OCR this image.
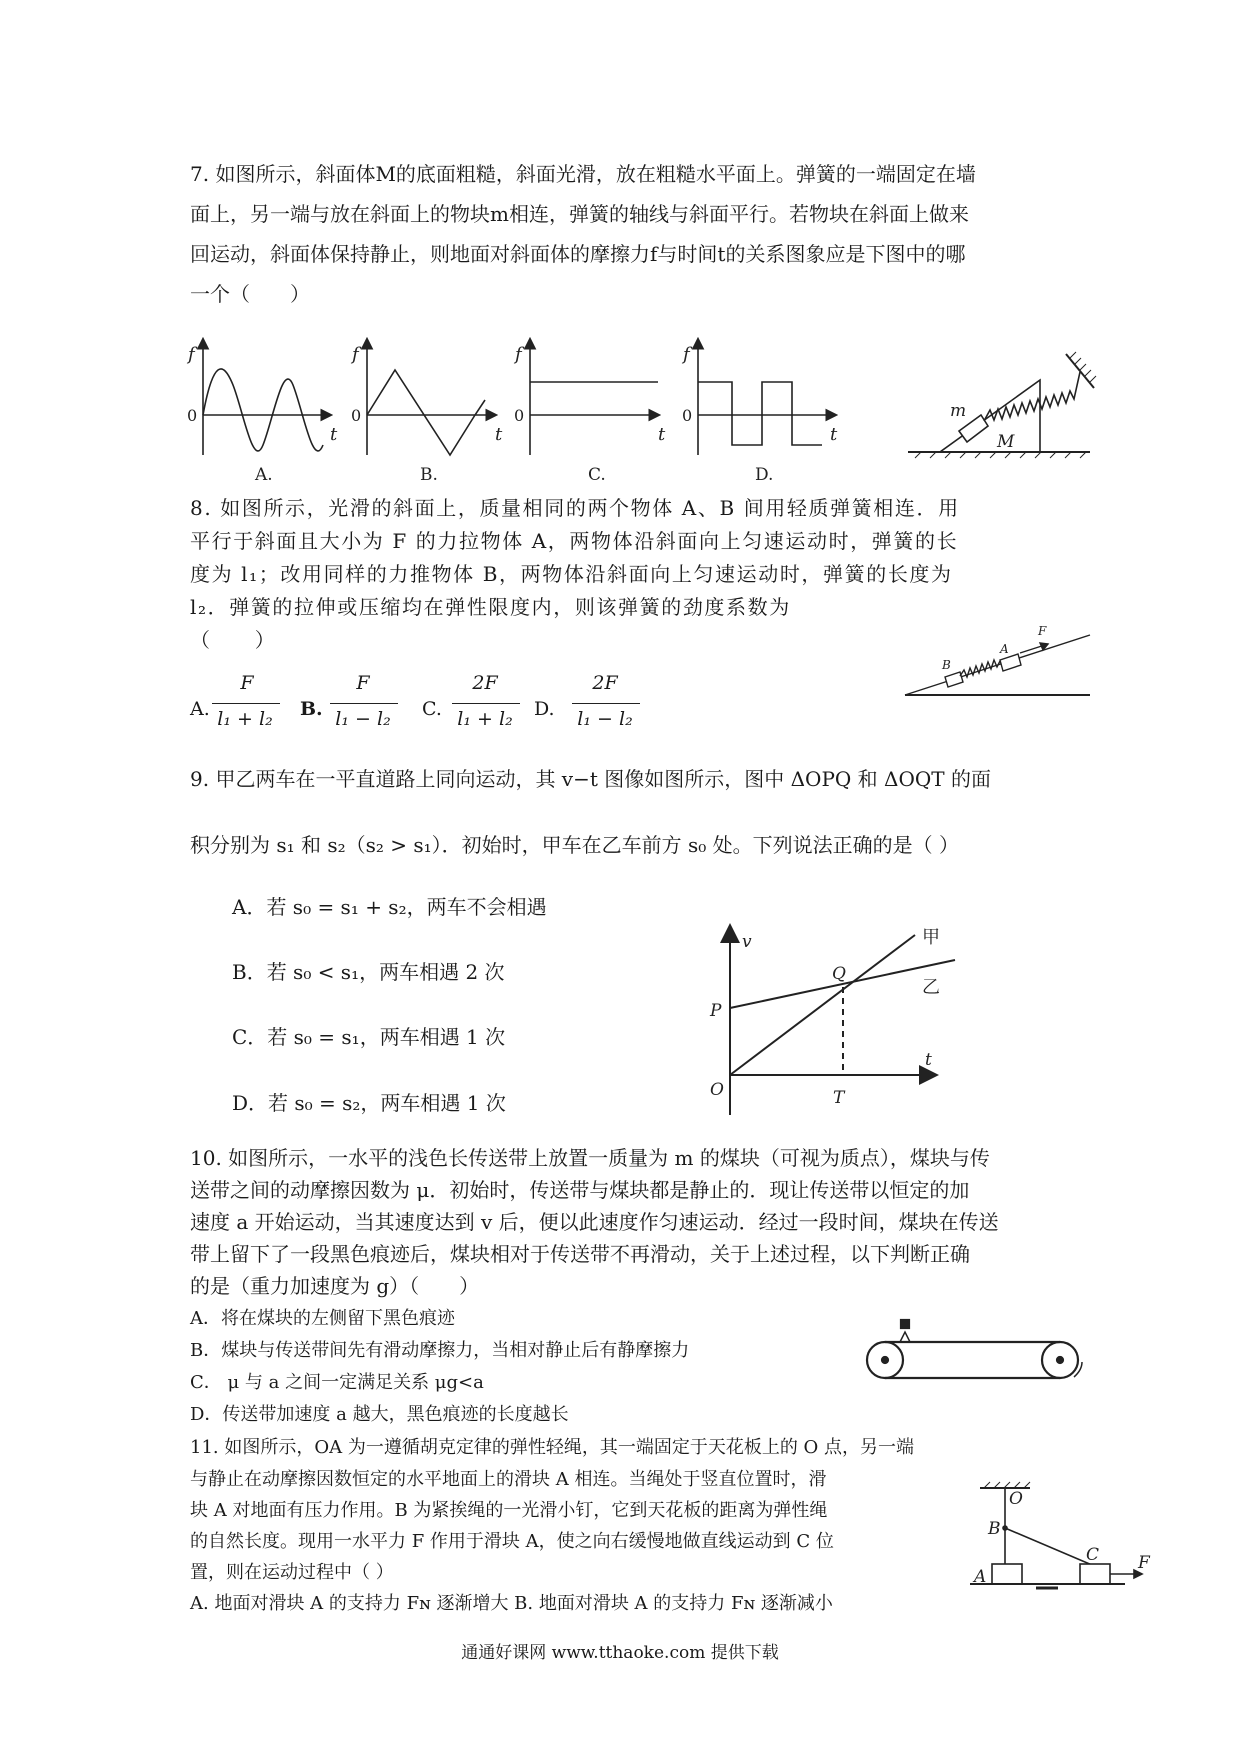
7. 如图所示，斜面体M的底面粗糙，斜面光滑，放在粗糙水平面上。弹簧的一端固定在墙
面上，另一端与放在斜面上的物块m相连，弹簧的轴线与斜面平行。若物块在斜面上做来
回运动，斜面体保持静止，则地面对斜面体的摩擦力f与时间t的关系图象应是下图中的哪
一个（　　）
f
t
f
t
f
t
f
t
0	0	0	0
A.	B.	C.	D.
m
M
8. 如图所示，光滑的斜面上，质量相同的两个物体 A、B 间用轻质弹簧相连．用
平行于斜面且大小为 F 的力拉物体 A，两物体沿斜面向上匀速运动时，弹簧的长
度为 l₁；改用同样的力推物体 B，两物体沿斜面向上匀速运动时，弹簧的长度为
l₂．弹簧的拉伸或压缩均在弹性限度内，则该弹簧的劲度系数为
（　　）
A.
F
l₁ + l₂	B.
F
l₁ − l₂	C.
2F
l₁ + l₂	D.
2F
l₁ − l₂
B
A
F
9. 甲乙两车在一平直道路上同向运动，其 v−t 图像如图所示，图中 ΔOPQ 和 ΔOQT 的面
积分别为 s₁ 和 s₂（s₂ > s₁）．初始时，甲车在乙车前方 s₀ 处。下列说法正确的是（ ）
A．若 s₀ = s₁ + s₂，两车不会相遇
B．若 s₀ < s₁，两车相遇 2 次
C．若 s₀ = s₁，两车相遇 1 次
D．若 s₀ = s₂，两车相遇 1 次
v
t
O
P
Q
T
甲
乙
10. 如图所示，一水平的浅色长传送带上放置一质量为 m 的煤块（可视为质点），煤块与传
送带之间的动摩擦因数为 μ．初始时，传送带与煤块都是静止的．现让传送带以恒定的加
速度 a 开始运动，当其速度达到 v 后，便以此速度作匀速运动．经过一段时间，煤块在传送
带上留下了一段黑色痕迹后，煤块相对于传送带不再滑动，关于上述过程，以下判断正确
的是（重力加速度为 g）（　　）
A．将在煤块的左侧留下黑色痕迹
B．煤块与传送带间先有滑动摩擦力，当相对静止后有静摩擦力
C． μ 与 a 之间一定满足关系 μg<a
D．传送带加速度 a 越大，黑色痕迹的长度越长
11. 如图所示，OA 为一遵循胡克定律的弹性轻绳，其一端固定于天花板上的 O 点，另一端
与静止在动摩擦因数恒定的水平地面上的滑块 A 相连。当绳处于竖直位置时，滑
块 A 对地面有压力作用。B 为紧挨绳的一光滑小钉，它到天花板的距离为弹性绳
的自然长度。现用一水平力 F 作用于滑块 A，使之向右缓慢地做直线运动到 C 位
置，则在运动过程中（ ）
A. 地面对滑块 A 的支持力 Fɴ 逐渐增大 B. 地面对滑块 A 的支持力 Fɴ 逐渐减小
O
B
A
C F
通通好课网 www.tthaoke.com 提供下载
